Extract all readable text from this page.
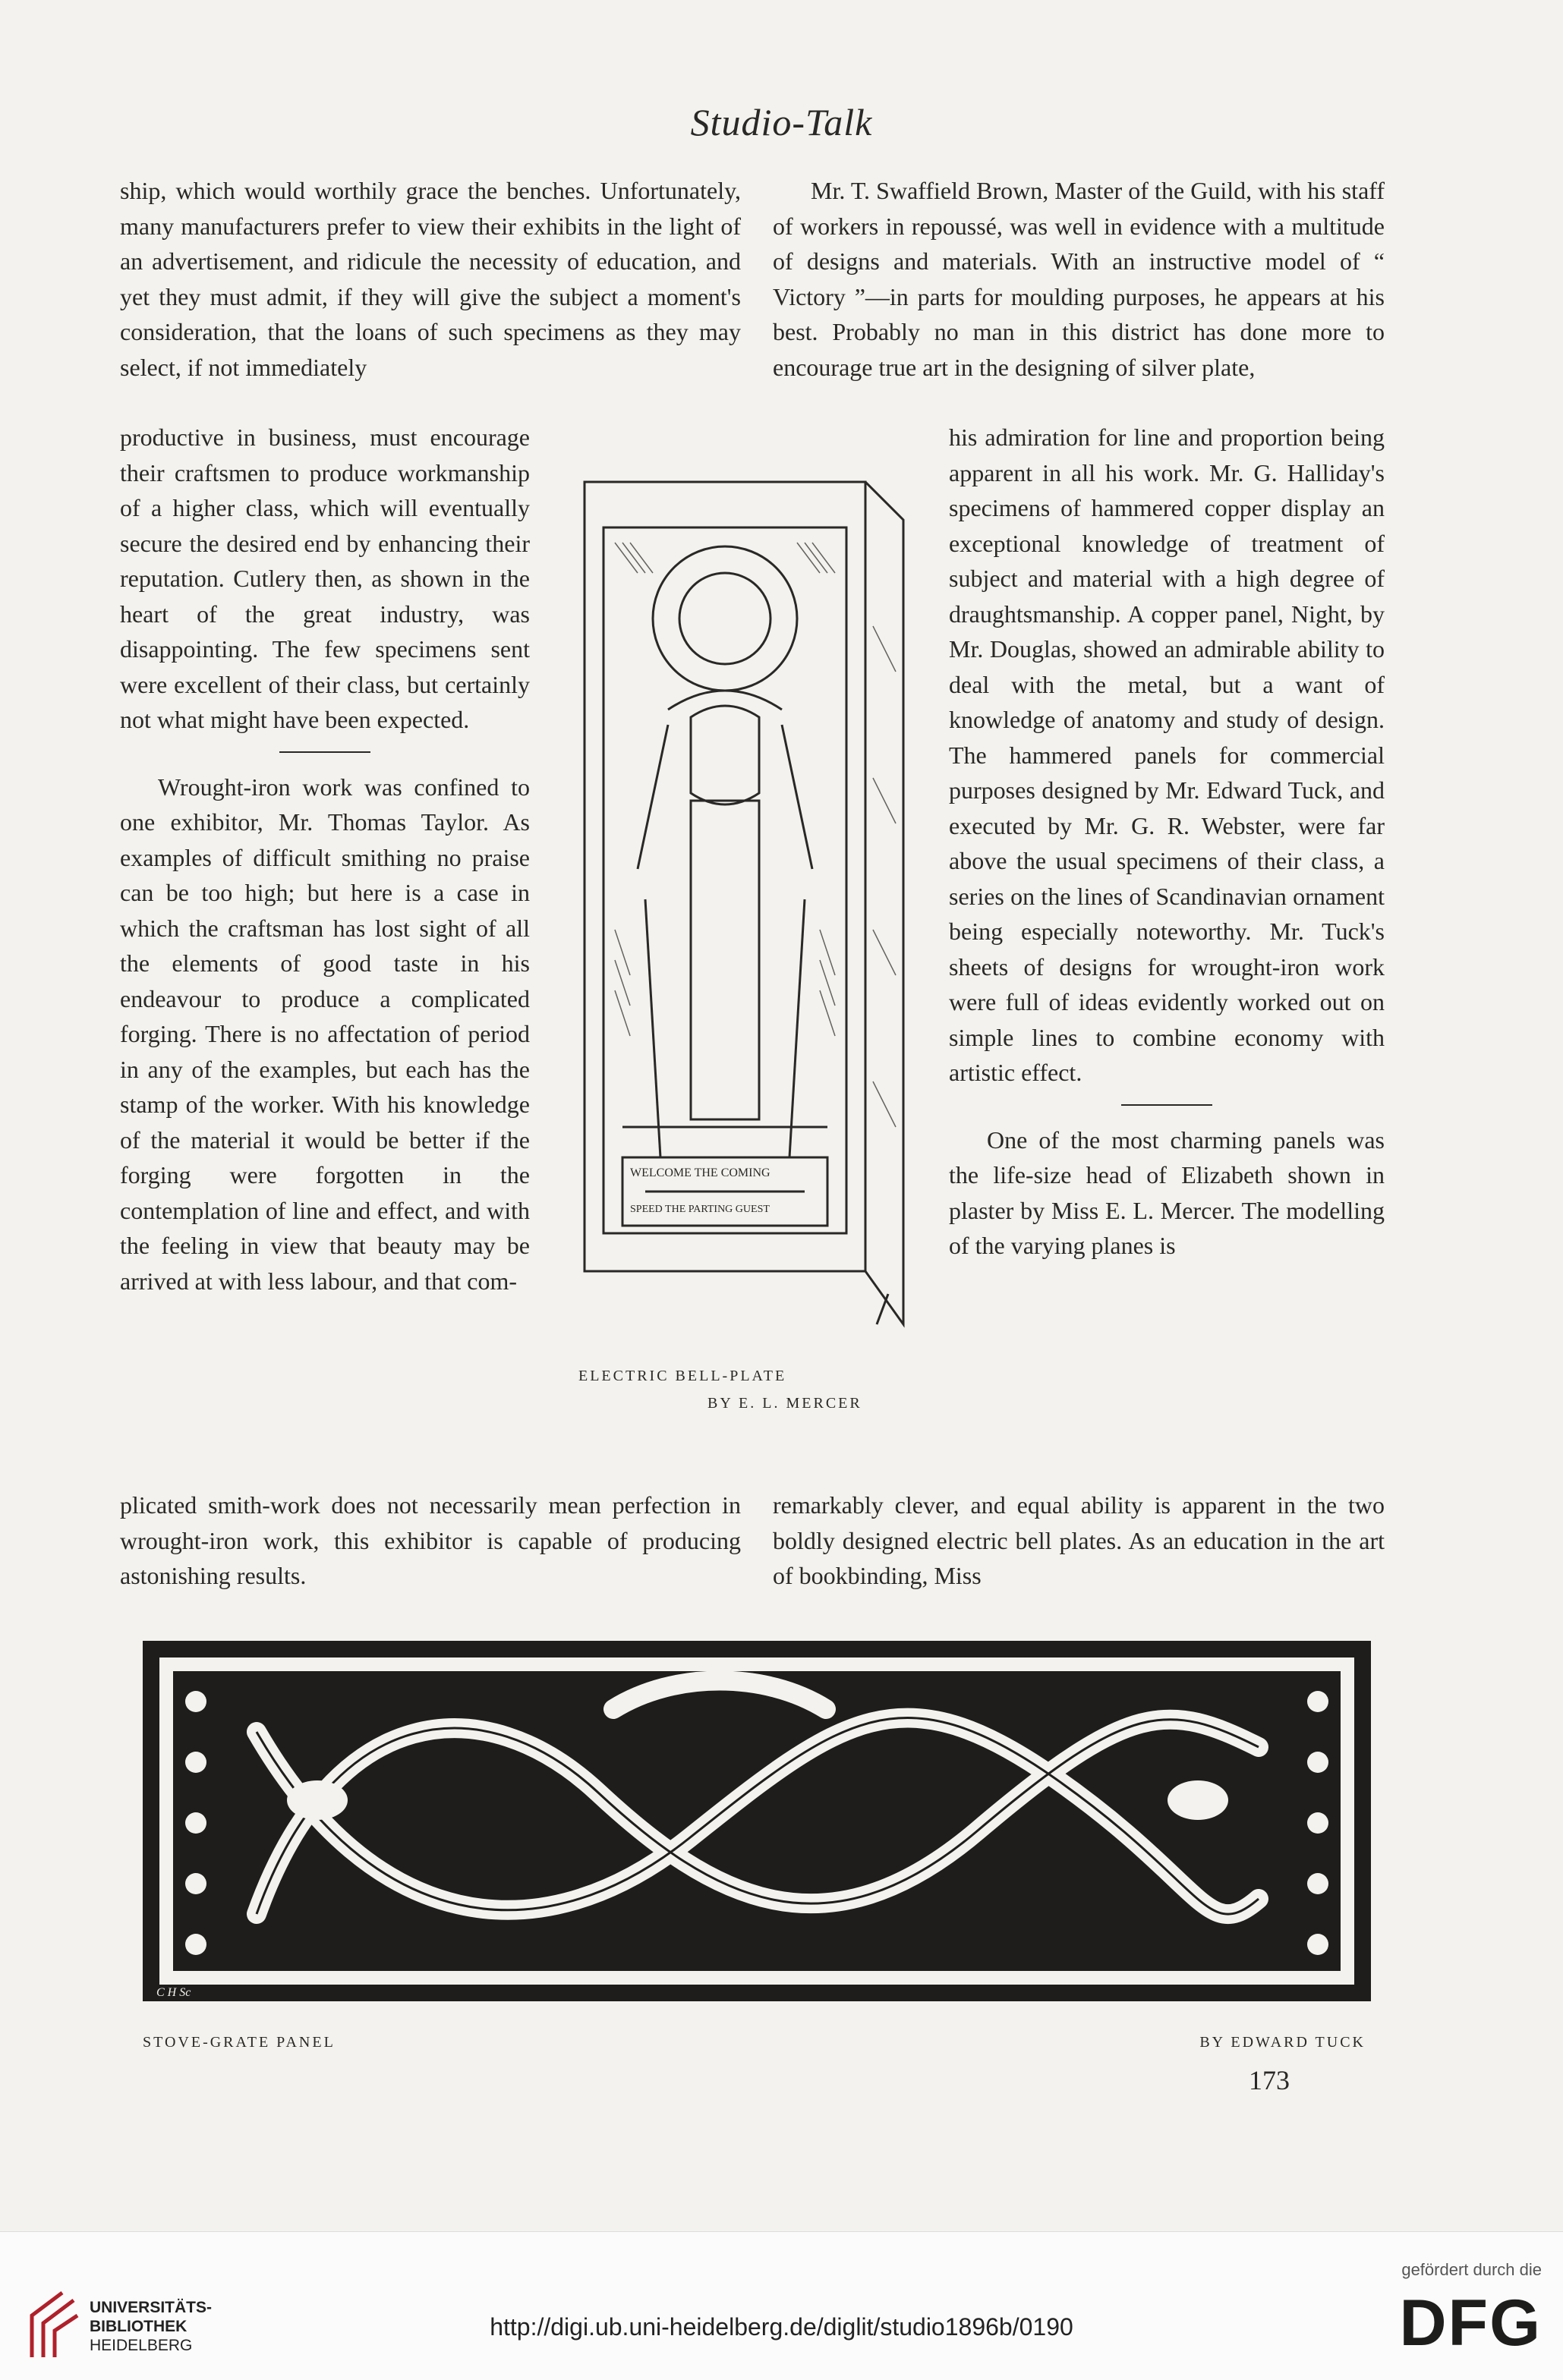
Studio-Talk

ship, which would worthily grace the benches. Unfortunately, many manufacturers prefer to view their exhibits in the light of an advertisement, and ridicule the necessity of education, and yet they must admit, if they will give the subject a moment's consideration, that the loans of such specimens as they may select, if not immediately

productive in business, must encourage their craftsmen to produce workmanship of a higher class, which will eventually secure the desired end by enhancing their reputation. Cutlery then, as shown in the heart of the great industry, was disappointing. The few specimens sent were excellent of their class, but certainly not what might have been expected.

Wrought-iron work was confined to one exhibitor, Mr. Thomas Taylor. As examples of difficult smithing no praise can be too high; but here is a case in which the craftsman has lost sight of all the elements of good taste in his endeavour to produce a complicated forging. There is no affectation of period in any of the examples, but each has the stamp of the worker. With his knowledge of the material it would be better if the forging were forgotten in the contemplation of line and effect, and with the feeling in view that beauty may be arrived at with less labour, and that com-

plicated smith-work does not necessarily mean perfection in wrought-iron work, this exhibitor is capable of producing astonishing results.

Mr. T. Swaffield Brown, Master of the Guild, with his staff of workers in repoussé, was well in evidence with a multitude of designs and materials. With an instructive model of “ Victory ”—in parts for moulding purposes, he appears at his best. Probably no man in this district has done more to encourage true art in the designing of silver plate,

his admiration for line and proportion being apparent in all his work. Mr. G. Halliday's specimens of hammered copper display an exceptional knowledge of treatment of subject and material with a high degree of draughtsmanship. A copper panel, Night, by Mr. Douglas, showed an admirable ability to deal with the metal, but a want of knowledge of anatomy and study of design. The hammered panels for commercial purposes designed by Mr. Edward Tuck, and executed by Mr. G. R. Webster, were far above the usual specimens of their class, a series on the lines of Scandinavian ornament being especially noteworthy. Mr. Tuck's sheets of designs for wrought-iron work were full of ideas evidently worked out on simple lines to combine economy with artistic effect.

One of the most charming panels was the life-size head of Elizabeth shown in plaster by Miss E. L. Mercer. The modelling of the varying planes is

remarkably clever, and equal ability is apparent in the two boldly designed electric bell plates. As an education in the art of bookbinding, Miss

WELCOME THE COMING
SPEED THE PARTING GUEST
ELECTRIC BELL-PLATE
BY E. L. MERCER
C H Sc
STOVE-GRATE PANEL	BY EDWARD TUCK
173
UNIVERSITÄTS-
BIBLIOTHEK
HEIDELBERG
http://digi.ub.uni-heidelberg.de/diglit/studio1896b/0190
gefördert durch die
DFG
